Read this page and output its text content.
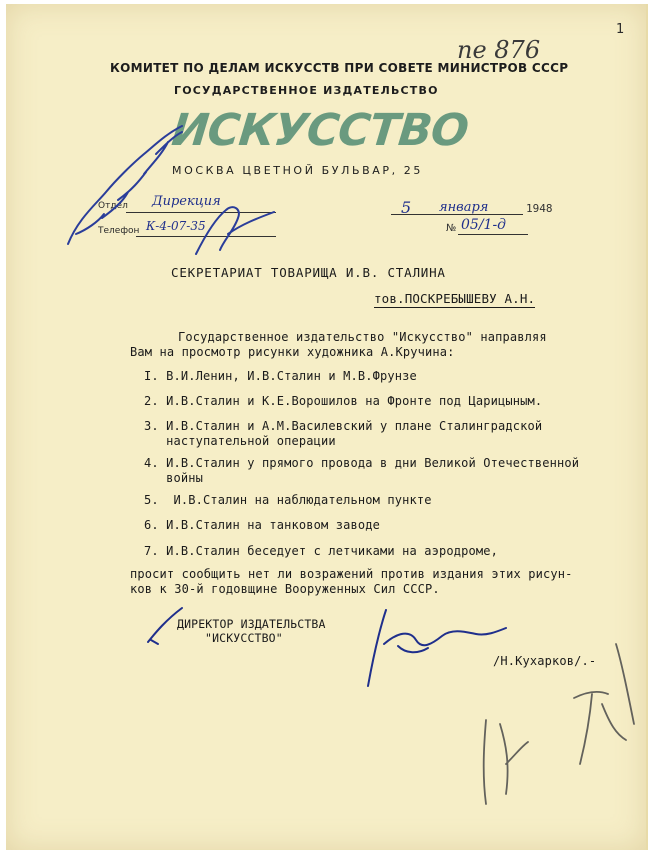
1
пе 876
КОМИТЕТ ПО ДЕЛАМ ИСКУССТВ ПРИ СОВЕТЕ МИНИСТРОВ СССР
ГОСУДАРСТВЕННОЕ ИЗДАТЕЛЬСТВО
ИСКУССТВО
МОСКВА ЦВЕТНОЙ БУЛЬВАР, 25
Отдел Дирекция
Телефон К-4-07-35
5 января	1948
№ 05/1-д
СЕКРЕТАРИАТ ТОВАРИЩА И.В. СТАЛИНА
тов.ПОСКРЕБЫШЕВУ А.Н.
Государственное издательство "Искусство" направляя
Вам на просмотр рисунки художника А.Кручина:
I. В.И.Ленин, И.В.Сталин и М.В.Фрунзе
2. И.В.Сталин и К.Е.Ворошилов на Фронте под Царицыным.
3. И.В.Сталин и А.М.Василевский у плане Сталинградской
наступательной операции
4. И.В.Сталин у прямого провода в дни Великой Отечественной
войны
5.  И.В.Сталин на наблюдательном пункте
6. И.В.Сталин на танковом заводе
7. И.В.Сталин беседует с летчиками на аэродроме,
просит сообщить нет ли возражений против издания этих рисун-
ков к 30-й годовщине Вооруженных Сил СССР.
ДИРЕКТОР ИЗДАТЕЛЬСТВА
"ИСКУССТВО"
/Н.Кухарков/.-
